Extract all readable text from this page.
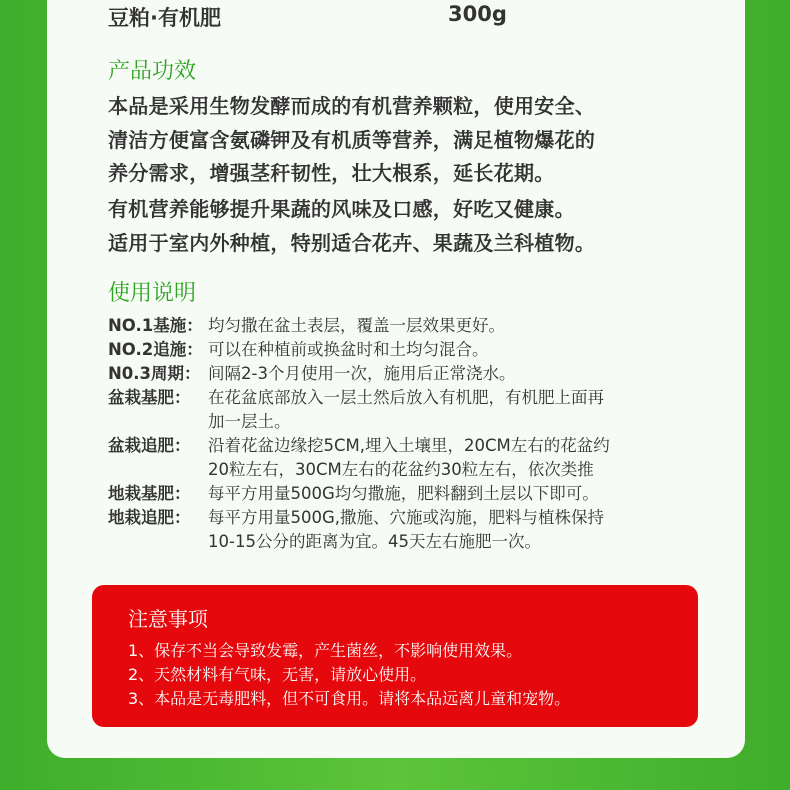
豆粕·有机肥	300g
产品功效
本品是采用生物发酵而成的有机营养颗粒，使用安全、
清洁方便富含氨磷钾及有机质等营养，满足植物爆花的
养分需求，增强茎秆韧性，壮大根系，延长花期。
有机营养能够提升果蔬的风味及口感，好吃又健康。
适用于室内外种植，特别适合花卉、果蔬及兰科植物。
使用说明
NO.1基施： 均匀撒在盆土表层，覆盖一层效果更好。
NO.2追施： 可以在种植前或换盆时和土均匀混合。
N0.3周期： 间隔2-3个月使用一次，施用后正常浇水。
盆栽基肥：	在花盆底部放入一层土然后放入有机肥，有机肥上面再
加一层土。
盆栽追肥：	沿着花盆边缘挖5CM,埋入土壤里，20CM左右的花盆约
20粒左右，30CM左右的花盆约30粒左右，依次类推
地栽基肥：	每平方用量500G均匀撒施，肥料翻到土层以下即可。
地栽追肥：	每平方用量500G,撒施、穴施或沟施，肥料与植株保持
10-15公分的距离为宜。45天左右施肥一次。
注意事项
1、保存不当会导致发霉，产生菌丝，不影响使用效果。
2、天然材料有气味，无害，请放心使用。
3、本品是无毒肥料，但不可食用。请将本品远离儿童和宠物。
